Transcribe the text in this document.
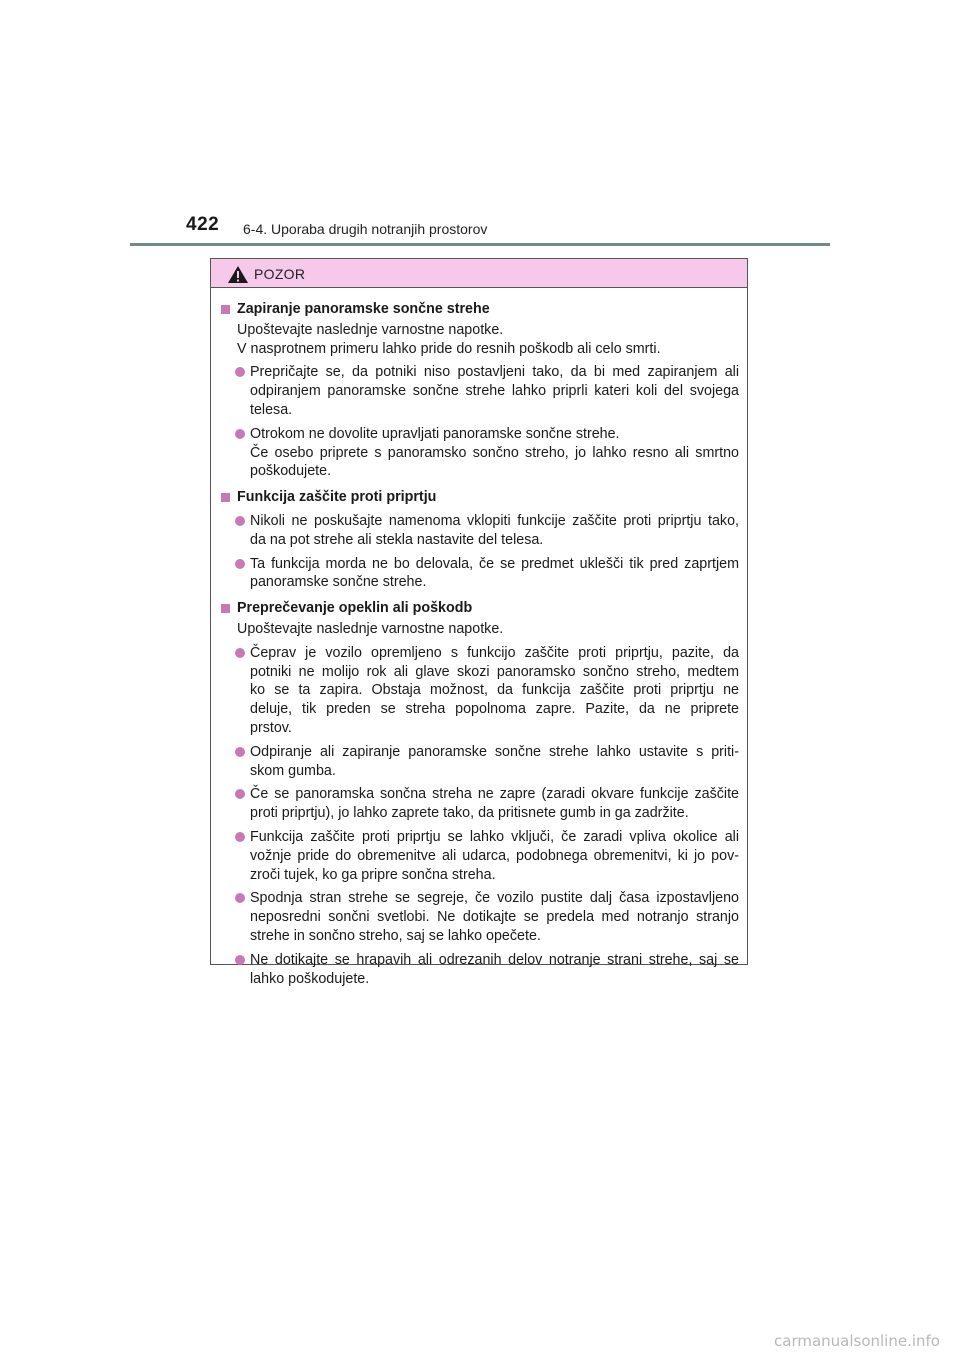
422 6-4. Uporaba drugih notranjih prostorov
POZOR
Zapiranje panoramske sončne strehe
Upoštevajte naslednje varnostne napotke.
V nasprotnem primeru lahko pride do resnih poškodb ali celo smrti.
Prepričajte se, da potniki niso postavljeni tako, da bi med zapiranjem ali
odpiranjem panoramske sončne strehe lahko priprli kateri koli del svojega
telesa.
Otrokom ne dovolite upravljati panoramske sončne strehe.
Če osebo priprete s panoramsko sončno streho, jo lahko resno ali smrtno
poškodujete.
Funkcija zaščite proti priprtju
Nikoli ne poskušajte namenoma vklopiti funkcije zaščite proti priprtju tako,
da na pot strehe ali stekla nastavite del telesa.
Ta funkcija morda ne bo delovala, če se predmet uklešči tik pred zaprtjem
panoramske sončne strehe.
Preprečevanje opeklin ali poškodb
Upoštevajte naslednje varnostne napotke.
Čeprav je vozilo opremljeno s funkcijo zaščite proti priprtju, pazite, da
potniki ne molijo rok ali glave skozi panoramsko sončno streho, medtem
ko se ta zapira. Obstaja možnost, da funkcija zaščite proti priprtju ne
deluje, tik preden se streha popolnoma zapre. Pazite, da ne priprete
prstov.
Odpiranje ali zapiranje panoramske sončne strehe lahko ustavite s priti-
skom gumba.
Če se panoramska sončna streha ne zapre (zaradi okvare funkcije zaščite
proti priprtju), jo lahko zaprete tako, da pritisnete gumb in ga zadržite.
Funkcija zaščite proti priprtju se lahko vključi, če zaradi vpliva okolice ali
vožnje pride do obremenitve ali udarca, podobnega obremenitvi, ki jo pov-
zroči tujek, ko ga pripre sončna streha.
Spodnja stran strehe se segreje, če vozilo pustite dalj časa izpostavljeno
neposredni sončni svetlobi. Ne dotikajte se predela med notranjo stranjo
strehe in sončno streho, saj se lahko opečete.
Ne dotikajte se hrapavih ali odrezanih delov notranje strani strehe, saj se
lahko poškodujete.
carmanualsonline.info
